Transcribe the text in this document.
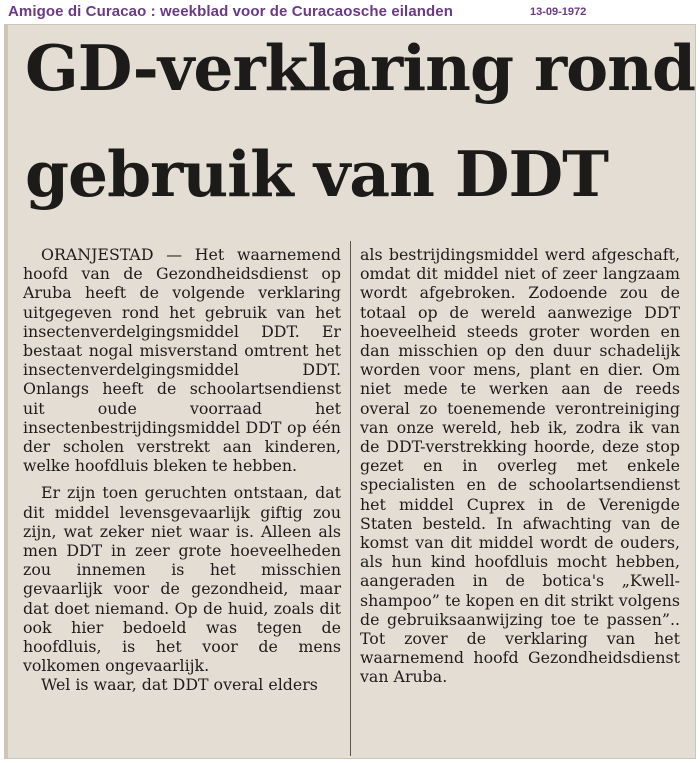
Amigoe di Curacao : weekblad voor de Curacaosche eilanden	13-09-1972
GD-verklaring rond
gebruik van DDT

ORANJESTAD — Het waarnemend hoofd van de Gezondheidsdienst op Aruba heeft de volgende verklaring uitgegeven rond het gebruik van het insectenverdelgingsmiddel DDT. Er bestaat nogal misverstand omtrent het insectenverdelgingsmiddel DDT. Onlangs heeft de schoolartsendienst uit oude voorraad het insectenbestrijdingsmiddel DDT op één der scholen verstrekt aan kinderen, welke hoofdluis bleken te hebben.

Er zijn toen geruchten ontstaan, dat dit middel levensgevaarlijk giftig zou zijn, wat zeker niet waar is. Alleen als men DDT in zeer grote hoeveelheden zou innemen is het misschien gevaarlijk voor de gezondheid, maar dat doet niemand. Op de huid, zoals dit ook hier bedoeld was tegen de hoofdluis, is het voor de mens volkomen ongevaarlijk.

Wel is waar, dat DDT overal elders

als bestrijdingsmiddel werd afgeschaft, omdat dit middel niet of zeer langzaam wordt afgebroken. Zodoende zou de totaal op de wereld aanwezige DDT hoeveelheid steeds groter worden en dan misschien op den duur schadelijk worden voor mens, plant en dier. Om niet mede te werken aan de reeds overal zo toenemende verontreiniging van onze wereld, heb ik, zodra ik van de DDT-verstrekking hoorde, deze stop gezet en in overleg met enkele specialisten en de schoolartsendienst het middel Cuprex in de Verenigde Staten besteld. In afwachting van de komst van dit middel wordt de ouders, als hun kind hoofdluis mocht hebben, aangeraden in de botica's „Kwell-shampoo” te kopen en dit strikt volgens de gebruiksaanwijzing toe te passen”.. Tot zover de verklaring van het waarnemend hoofd Gezondheidsdienst van Aruba.
